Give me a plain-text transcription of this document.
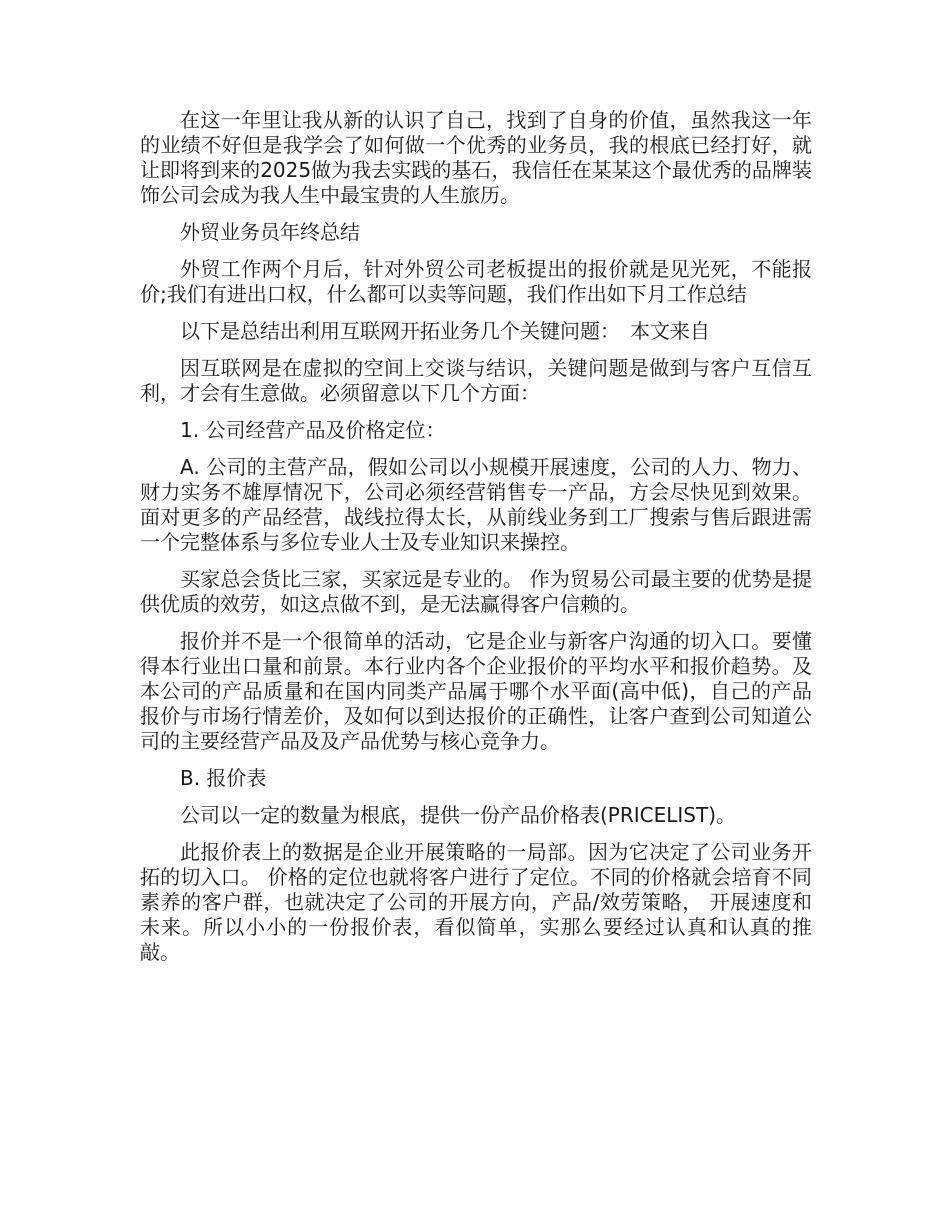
在这一年里让我从新的认识了自己，找到了自身的价值，虽然我这一年的业绩不好但是我学会了如何做一个优秀的业务员，我的根底已经打好，就让即将到来的2025做为我去实践的基石，我信任在某某这个最优秀的品牌装饰公司会成为我人生中最宝贵的人生旅历。

外贸业务员年终总结

外贸工作两个月后，针对外贸公司老板提出的报价就是见光死，不能报价;我们有进出口权，什么都可以卖等问题，我们作出如下月工作总结

以下是总结出利用互联网开拓业务几个关键问题：　本文来自

因互联网是在虚拟的空间上交谈与结识，关键问题是做到与客户互信互利，才会有生意做。必须留意以下几个方面：

1. 公司经营产品及价格定位：

A. 公司的主营产品，假如公司以小规模开展速度，公司的人力、物力、财力实务不雄厚情况下，公司必须经营销售专一产品，方会尽快见到效果。面对更多的产品经营，战线拉得太长，从前线业务到工厂搜索与售后跟进需一个完整体系与多位专业人士及专业知识来操控。

买家总会货比三家，买家远是专业的。 作为贸易公司最主要的优势是提供优质的效劳，如这点做不到，是无法赢得客户信赖的。

报价并不是一个很简单的活动，它是企业与新客户沟通的切入口。要懂得本行业出口量和前景。本行业内各个企业报价的平均水平和报价趋势。及本公司的产品质量和在国内同类产品属于哪个水平面(高中低)，自己的产品报价与市场行情差价，及如何以到达报价的正确性，让客户查到公司知道公司的主要经营产品及及产品优势与核心竞争力。

B. 报价表

公司以一定的数量为根底，提供一份产品价格表(PRICELIST)。

此报价表上的数据是企业开展策略的一局部。因为它决定了公司业务开拓的切入口。 价格的定位也就将客户进行了定位。不同的价格就会培育不同素养的客户群，也就决定了公司的开展方向，产品/效劳策略， 开展速度和未来。所以小小的一份报价表，看似简单，实那么要经过认真和认真的推敲。
